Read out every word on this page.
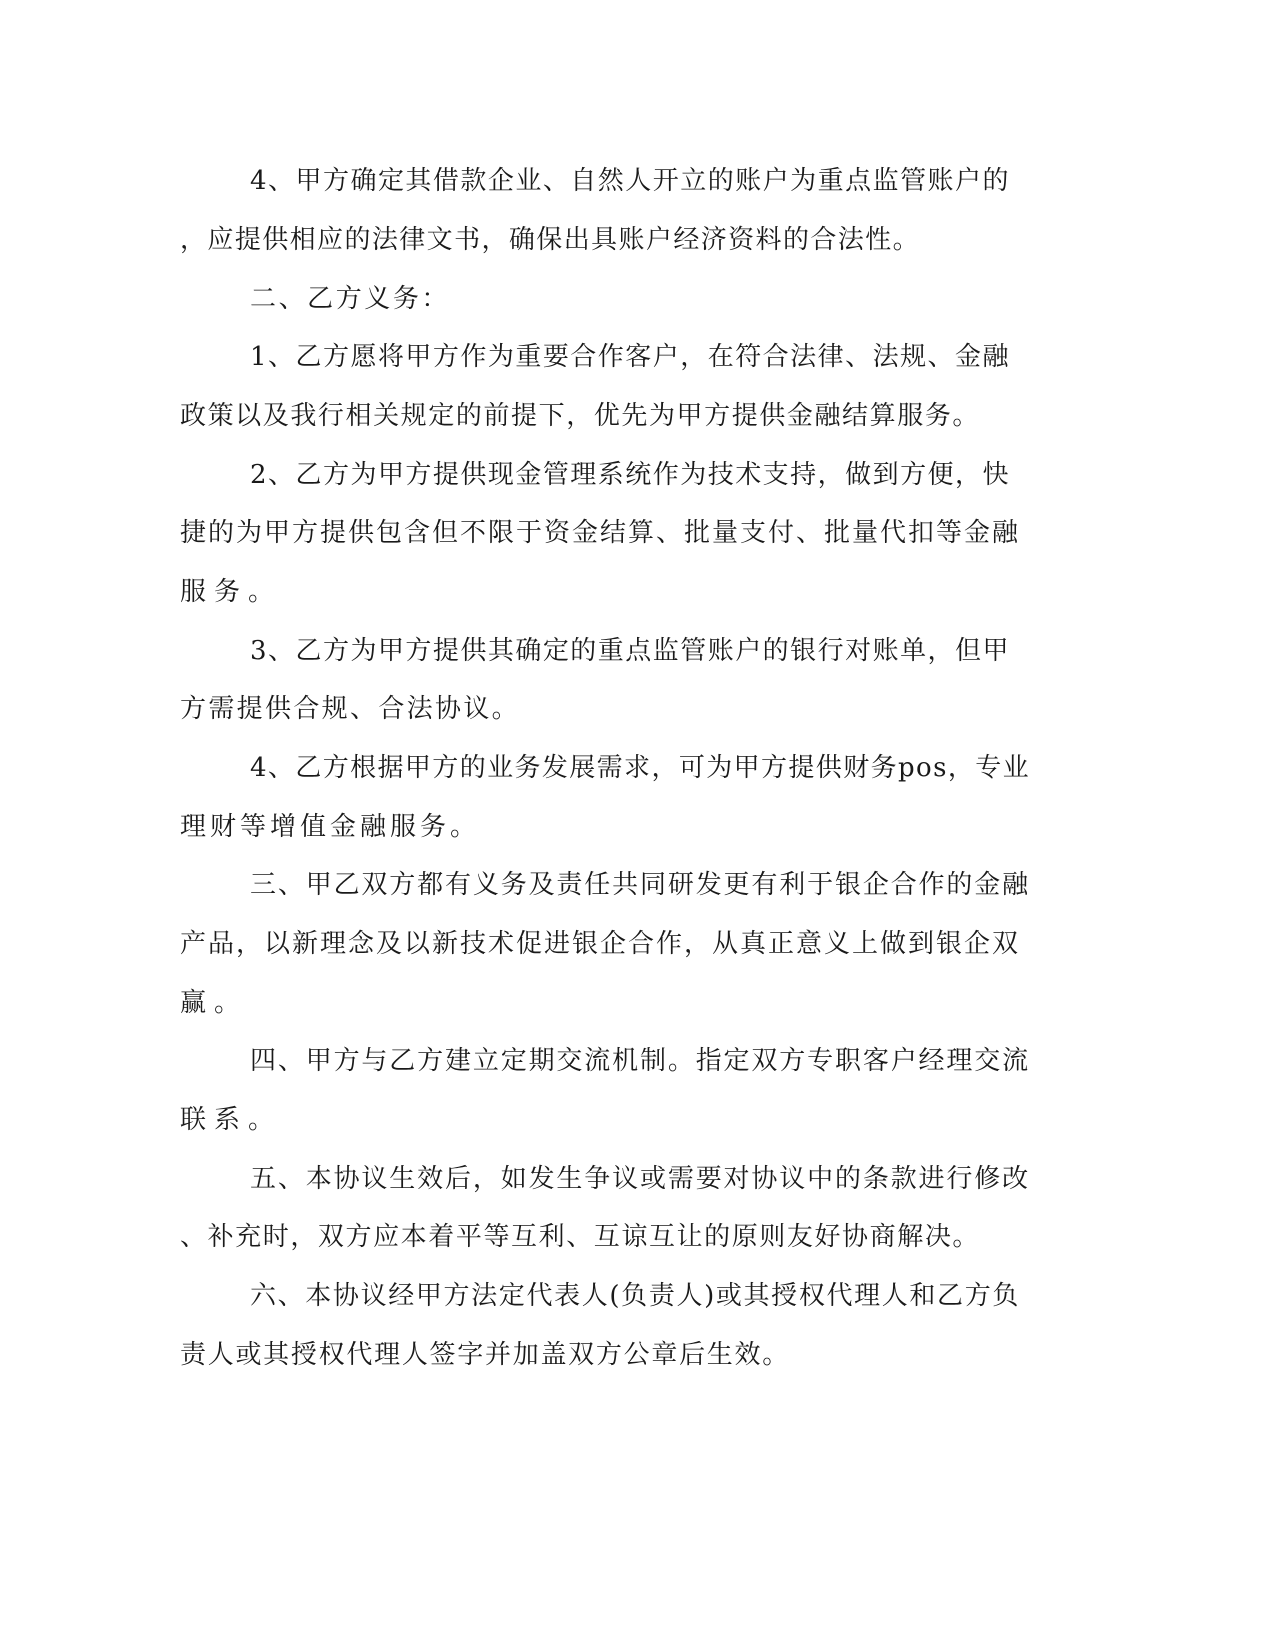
4、甲方确定其借款企业、自然人开立的账户为重点监管账户的
，应提供相应的法律文书，确保出具账户经济资料的合法性。
二、乙方义务：
1、乙方愿将甲方作为重要合作客户，在符合法律、法规、金融
政策以及我行相关规定的前提下，优先为甲方提供金融结算服务。
2、乙方为甲方提供现金管理系统作为技术支持，做到方便，快
捷的为甲方提供包含但不限于资金结算、批量支付、批量代扣等金融
服务。
3、乙方为甲方提供其确定的重点监管账户的银行对账单，但甲
方需提供合规、合法协议。
4、乙方根据甲方的业务发展需求，可为甲方提供财务pos，专业
理财等增值金融服务。
三、甲乙双方都有义务及责任共同研发更有利于银企合作的金融
产品，以新理念及以新技术促进银企合作，从真正意义上做到银企双
赢。
四、甲方与乙方建立定期交流机制。指定双方专职客户经理交流
联系。
五、本协议生效后，如发生争议或需要对协议中的条款进行修改
、补充时，双方应本着平等互利、互谅互让的原则友好协商解决。
六、本协议经甲方法定代表人(负责人)或其授权代理人和乙方负
责人或其授权代理人签字并加盖双方公章后生效。
